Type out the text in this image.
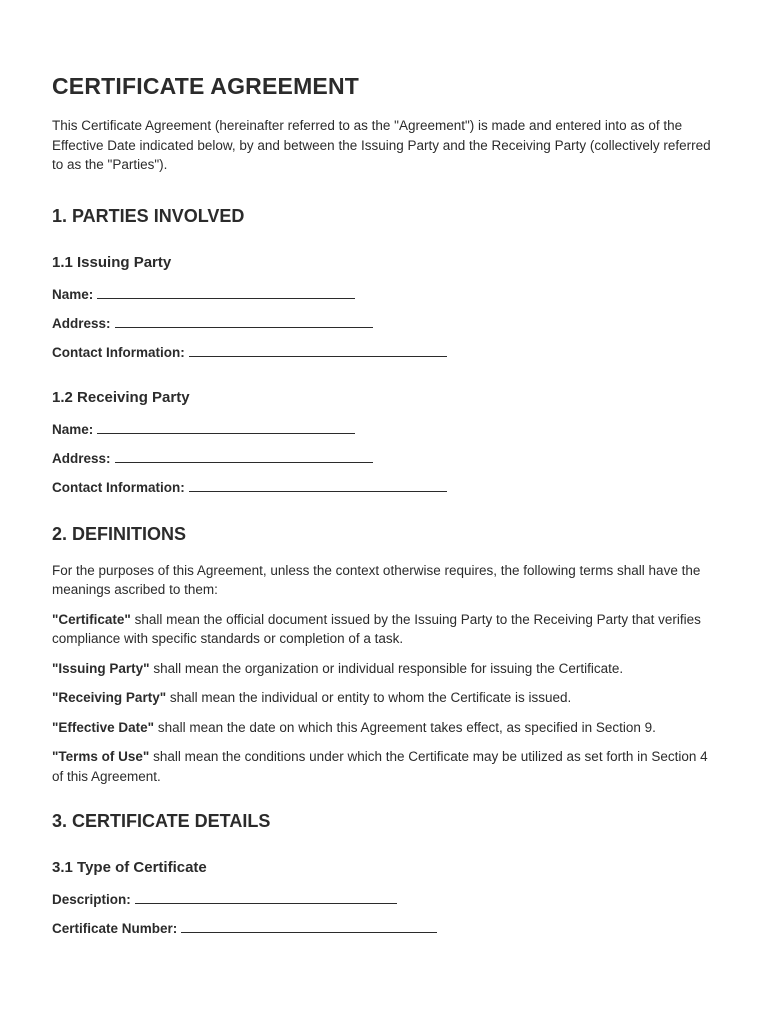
CERTIFICATE AGREEMENT

This Certificate Agreement (hereinafter referred to as the "Agreement") is made and entered into as of the Effective Date indicated below, by and between the Issuing Party and the Receiving Party (collectively referred to as the "Parties").

1. PARTIES INVOLVED
1.1 Issuing Party

Name:

Address:

Contact Information:

1.2 Receiving Party

Name:

Address:

Contact Information:

2. DEFINITIONS

For the purposes of this Agreement, unless the context otherwise requires, the following terms shall have the meanings ascribed to them:

"Certificate" shall mean the official document issued by the Issuing Party to the Receiving Party that verifies compliance with specific standards or completion of a task.

"Issuing Party" shall mean the organization or individual responsible for issuing the Certificate.

"Receiving Party" shall mean the individual or entity to whom the Certificate is issued.

"Effective Date" shall mean the date on which this Agreement takes effect, as specified in Section 9.

"Terms of Use" shall mean the conditions under which the Certificate may be utilized as set forth in Section 4 of this Agreement.

3. CERTIFICATE DETAILS
3.1 Type of Certificate

Description:

Certificate Number:
